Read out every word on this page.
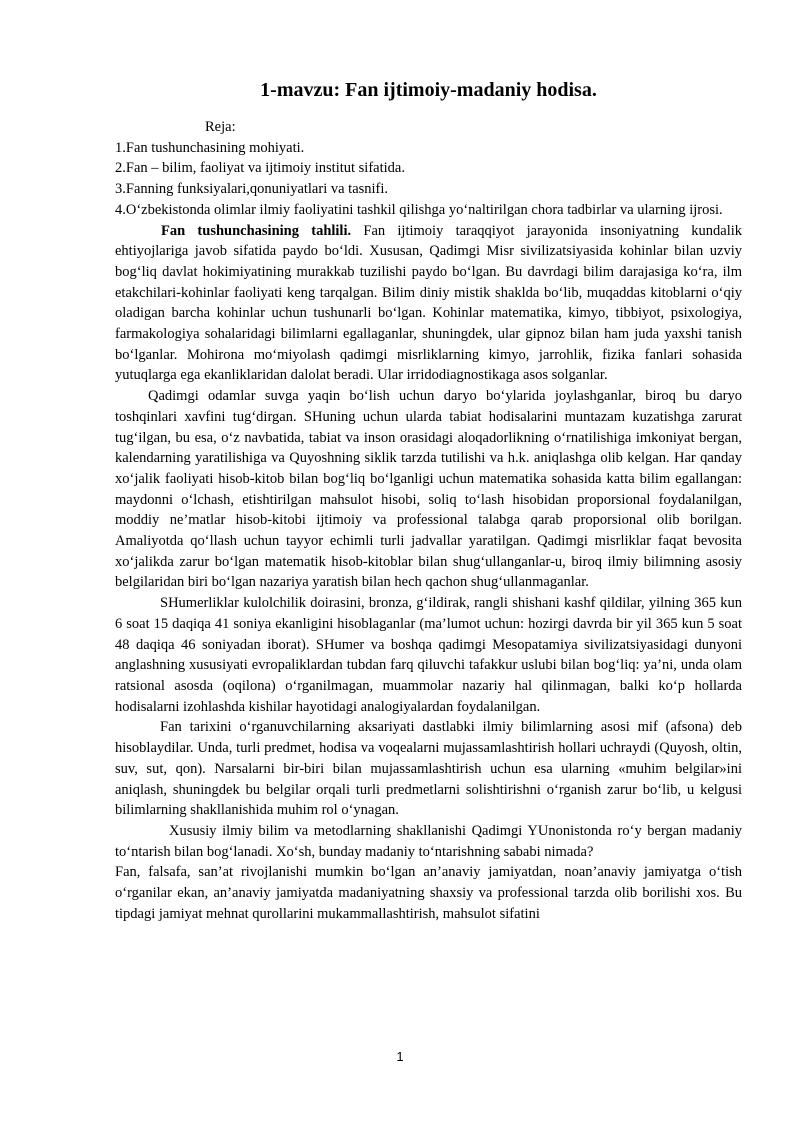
1-mavzu: Fan ijtimoiy-madaniy hodisa.

Reja:

1.Fan tushunchasining mohiyati.

2.Fan – bilim, faoliyat va ijtimoiy institut sifatida.

3.Fanning funksiyalari,qonuniyatlari va tasnifi.

4.O‘zbekistonda olimlar ilmiy faoliyatini tashkil qilishga yo‘naltirilgan chora tadbirlar va ularning ijrosi.

Fan tushunchasining tahlili. Fan ijtimoiy taraqqiyot jarayonida insoniyatning kundalik ehtiyojlariga javob sifatida paydo bo‘ldi. Xususan, Qadimgi Misr sivilizatsiyasida kohinlar bilan uzviy bog‘liq davlat hokimiyatining murakkab tuzilishi paydo bo‘lgan. Bu davrdagi bilim darajasiga ko‘ra, ilm etakchilari-kohinlar faoliyati keng tarqalgan. Bilim diniy mistik shaklda bo‘lib, muqaddas kitoblarni o‘qiy oladigan barcha kohinlar uchun tushunarli bo‘lgan. Kohinlar matematika, kimyo, tibbiyot, psixologiya, farmakologiya sohalaridagi bilimlarni egallaganlar, shuningdek, ular gipnoz bilan ham juda yaxshi tanish bo‘lganlar. Mohirona mo‘miyolash qadimgi misrliklarning kimyo, jarrohlik, fizika fanlari sohasida yutuqlarga ega ekanliklaridan dalolat beradi. Ular irridodiagnostikaga asos solganlar.

Qadimgi odamlar suvga yaqin bo‘lish uchun daryo bo‘ylarida joylashganlar, biroq bu daryo toshqinlari xavfini tug‘dirgan. SHuning uchun ularda tabiat hodisalarini muntazam kuzatishga zarurat tug‘ilgan, bu esa, o‘z navbatida, tabiat va inson orasidagi aloqadorlikning o‘rnatilishiga imkoniyat bergan, kalendarning yaratilishiga va Quyoshning siklik tarzda tutilishi va h.k. aniqlashga olib kelgan. Har qanday xo‘jalik faoliyati hisob-kitob bilan bog‘liq bo‘lganligi uchun matematika sohasida katta bilim egallangan: maydonni o‘lchash, etishtirilgan mahsulot hisobi, soliq to‘lash hisobidan proporsional foydalanilgan, moddiy ne’matlar hisob-kitobi ijtimoiy va professional talabga qarab proporsional olib borilgan. Amaliyotda qo‘llash uchun tayyor echimli turli jadvallar yaratilgan. Qadimgi misrliklar faqat bevosita xo‘jalikda zarur bo‘lgan matematik hisob-kitoblar bilan shug‘ullanganlar-u, biroq ilmiy bilimning asosiy belgilaridan biri bo‘lgan nazariya yaratish bilan hech qachon shug‘ullanmaganlar.

SHumerliklar kulolchilik doirasini, bronza, g‘ildirak, rangli shishani kashf qildilar, yilning 365 kun 6 soat 15 daqiqa 41 soniya ekanligini hisoblaganlar (ma’lumot uchun: hozirgi davrda bir yil 365 kun 5 soat 48 daqiqa 46 soniyadan iborat). SHumer va boshqa qadimgi Mesopatamiya sivilizatsiyasidagi dunyoni anglashning xususiyati evropaliklardan tubdan farq qiluvchi tafakkur uslubi bilan bog‘liq: ya’ni, unda olam ratsional asosda (oqilona) o‘rganilmagan, muammolar nazariy hal qilinmagan, balki ko‘p hollarda hodisalarni izohlashda kishilar hayotidagi analogiyalardan foydalanilgan.

Fan tarixini o‘rganuvchilarning aksariyati dastlabki ilmiy bilimlarning asosi mif (afsona) deb hisoblaydilar. Unda, turli predmet, hodisa va voqealarni mujassamlashtirish hollari uchraydi (Quyosh, oltin, suv, sut, qon). Narsalarni bir-biri bilan mujassamlashtirish uchun esa ularning «muhim belgilar»ini aniqlash, shuningdek bu belgilar orqali turli predmetlarni solishtirishni o‘rganish zarur bo‘lib, u kelgusi bilimlarning shakllanishida muhim rol o‘ynagan.

Xususiy ilmiy bilim va metodlarning shakllanishi Qadimgi YUnonistonda ro‘y bergan madaniy to‘ntarish bilan bog‘lanadi. Xo‘sh, bunday madaniy to‘ntarishning sababi nimada?

Fan, falsafa, san’at rivojlanishi mumkin bo‘lgan an’anaviy jamiyatdan, noan’anaviy jamiyatga o‘tish o‘rganilar ekan, an’anaviy jamiyatda madaniyatning shaxsiy va professional tarzda olib borilishi xos. Bu tipdagi jamiyat mehnat qurollarini mukammallashtirish, mahsulot sifatini

1
